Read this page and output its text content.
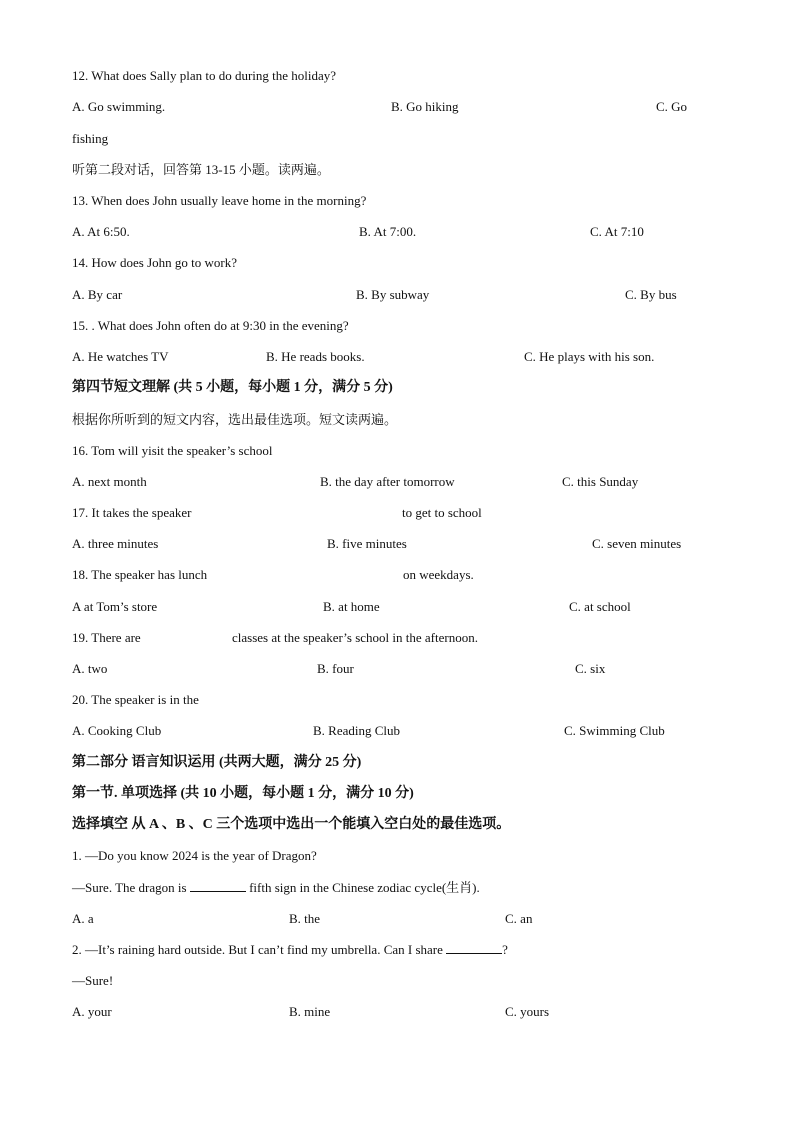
12. What does Sally plan to do during the holiday?
A. Go swimming.	B. Go hiking	C. Go
fishing
听第二段对话，回答第 13-15 小题。读两遍。
13. When does John usually leave home in the morning?
A. At 6:50.	B. At 7:00.	C. At 7:10
14. How does John go to work?
A. By car	B. By subway	C. By bus
15. . What does John often do at 9:30 in the evening?
A. He watches TV	B. He reads books.	C. He plays with his son.
第四节短文理解 (共 5 小题，每小题 1 分，满分 5 分)
根据你所听到的短文内容，选出最佳选项。短文读两遍。
16. Tom will yisit the speaker’s school
A. next month	B. the day after tomorrow	C. this Sunday
17. It takes the speaker	to get to school
A. three minutes	B. five minutes	C. seven minutes
18. The speaker has lunch	on weekdays.
A at Tom’s store	B. at home	C. at school
19. There are	classes at the speaker’s school in the afternoon.
A. two	B. four	C. six
20. The speaker is in the
A. Cooking Club	B. Reading Club	C. Swimming Club
第二部分 语言知识运用 (共两大题，满分 25 分)
第一节. 单项选择 (共 10 小题，每小题 1 分，满分 10 分)
选择填空 从 A 、B 、C 三个选项中选出一个能填入空白处的最佳选项。
1. —Do you know 2024 is the year of Dragon?
—Sure. The dragon is	fifth sign in the Chinese zodiac cycle(生肖).
A. a	B. the	C. an
2. —It’s raining hard outside. But I can’t find my umbrella. Can I share	?
—Sure!
A. your	B. mine	C. yours
